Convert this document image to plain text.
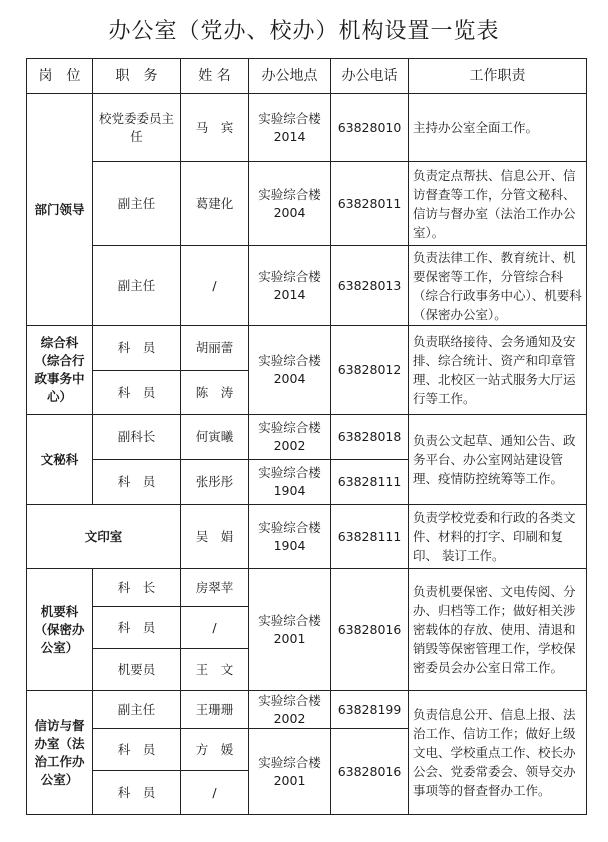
办公室（党办、校办）机构设置一览表
岗　位	职　务	姓 名	办公地点	办公电话	工作职责
部门领导	校党委委员主任	马　宾	实验综合楼2014	63828010	主持办公室全面工作。
	副主任	葛建化	实验综合楼2004	63828011	负责定点帮扶、信息公开、信访督查等工作，分管文秘科、信访与督办室（法治工作办公室）。
	副主任	/	实验综合楼2014	63828013	负责法律工作、教育统计、机要保密等工作，分管综合科（综合行政事务中心）、机要科（保密办公室）。
综合科（综合行政事务中心）	科　员	胡丽蕾	实验综合楼2004	63828012	负责联络接待、会务通知及安排、综合统计、资产和印章管理、北校区一站式服务大厅运行等工作。
	科　员	陈　涛			
文秘科	副科长	何寅曦	实验综合楼2002	63828018	负责公文起草、通知公告、政务平台、办公室网站建设管理、疫情防控统筹等工作。
	科　员	张彤彤	实验综合楼1904	63828111	
文印室		吴　娟	实验综合楼1904	63828111	负责学校党委和行政的各类文件、材料的打字、印刷和复印、 装订工作。
机要科（保密办公室）	科　长	房翠苹	实验综合楼2001	63828016	负责机要保密、文电传阅、分办、归档等工作；做好相关涉密载体的存放、使用、清退和销毁等保密管理工作，学校保密委员会办公室日常工作。
	科　员	/			
	机要员	王　文			
信访与督办室（法治工作办公室）	副主任	王珊珊	实验综合楼2002	63828199	负责信息公开、信息上报、法治工作、信访工作；做好上级文电、学校重点工作、校长办公会、党委常委会、领导交办事项等的督查督办工作。
	科　员	方　媛	实验综合楼2001	63828016	
	科　员	/			
